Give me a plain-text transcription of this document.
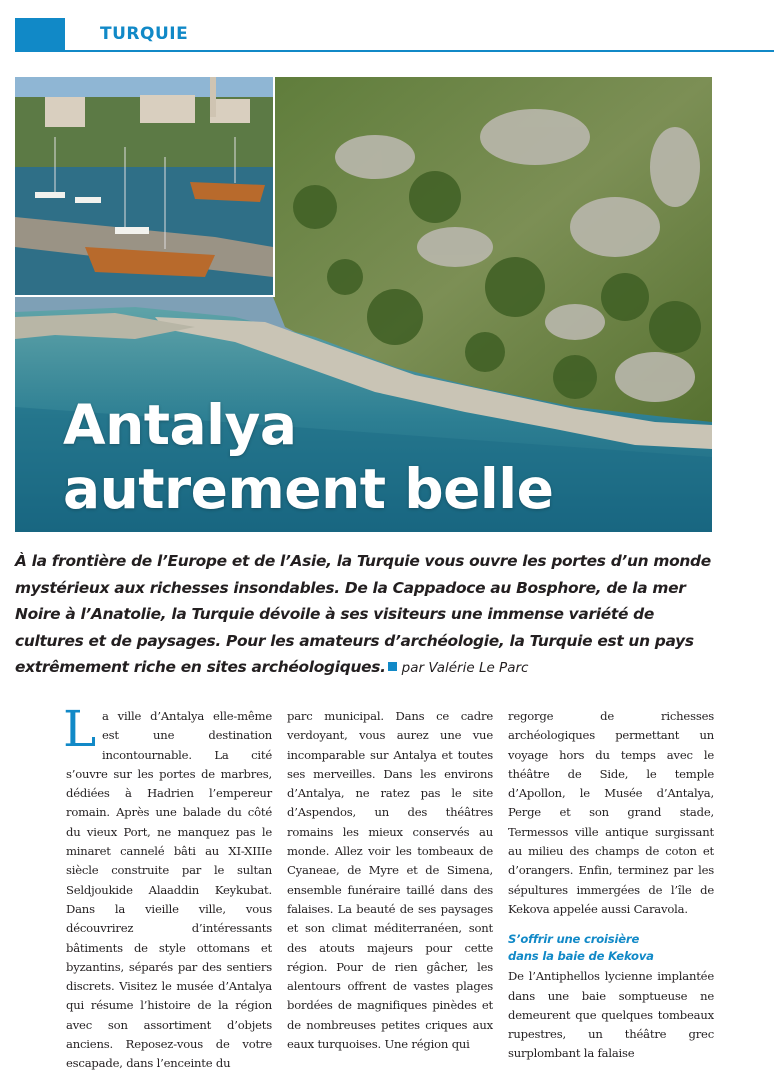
TURQUIE
Antalya
autrement belle

À la frontière de l’Europe et de l’Asie, la Turquie vous ouvre les portes d’un monde mystérieux aux richesses insondables. De la Cappadoce au Bosphore, de la mer Noire à l’Anatolie, la Turquie dévoile à ses visiteurs une immense variété de cultures et de paysages. Pour les amateurs d’archéologie, la Turquie est un pays extrêmement riche en sites archéologiques. par Valérie Le Parc

La ville d’Antalya elle-même est une destination incontournable. La cité s’ouvre sur les portes de marbres, dédiées à Hadrien l’empereur romain. Après une balade du côté du vieux Port, ne manquez pas le minaret cannelé bâti au XI-XIIIe siècle construite par le sultan Seldjoukide Alaaddin Keykubat. Dans la vieille ville, vous découvrirez d’intéressants bâtiments de style ottomans et byzantins, séparés par des sentiers discrets. Visitez le musée d’Antalya qui résume l’histoire de la région avec son assortiment d’objets anciens. Reposez-vous de votre escapade, dans l’enceinte du

parc municipal. Dans ce cadre verdoyant, vous aurez une vue incomparable sur Antalya et toutes ses merveilles. Dans les environs d’Antalya, ne ratez pas le site d’Aspendos, un des théâtres romains les mieux conservés au monde. Allez voir les tombeaux de Cyaneae, de Myre et de Simena, ensemble funéraire taillé dans des falaises. La beauté de ses paysages et son climat méditerranéen, sont des atouts majeurs pour cette région. Pour de rien gâcher, les alentours offrent de vastes plages bordées de magnifiques pinèdes et de nombreuses petites criques aux eaux turquoises. Une région qui

regorge de richesses archéologiques permettant un voyage hors du temps avec le théâtre de Side, le temple d’Apollon, le Musée d’Antalya, Perge et son grand stade, Termessos ville antique surgissant au milieu des champs de coton et d’orangers. Enfin, terminez par les sépultures immergées de l’île de Kekova appelée aussi Caravola.

S’offrir une croisière
dans la baie de Kekova

De l’Antiphellos lycienne implantée dans une baie somptueuse ne demeurent que quelques tombeaux rupestres, un théâtre grec surplombant la falaise
